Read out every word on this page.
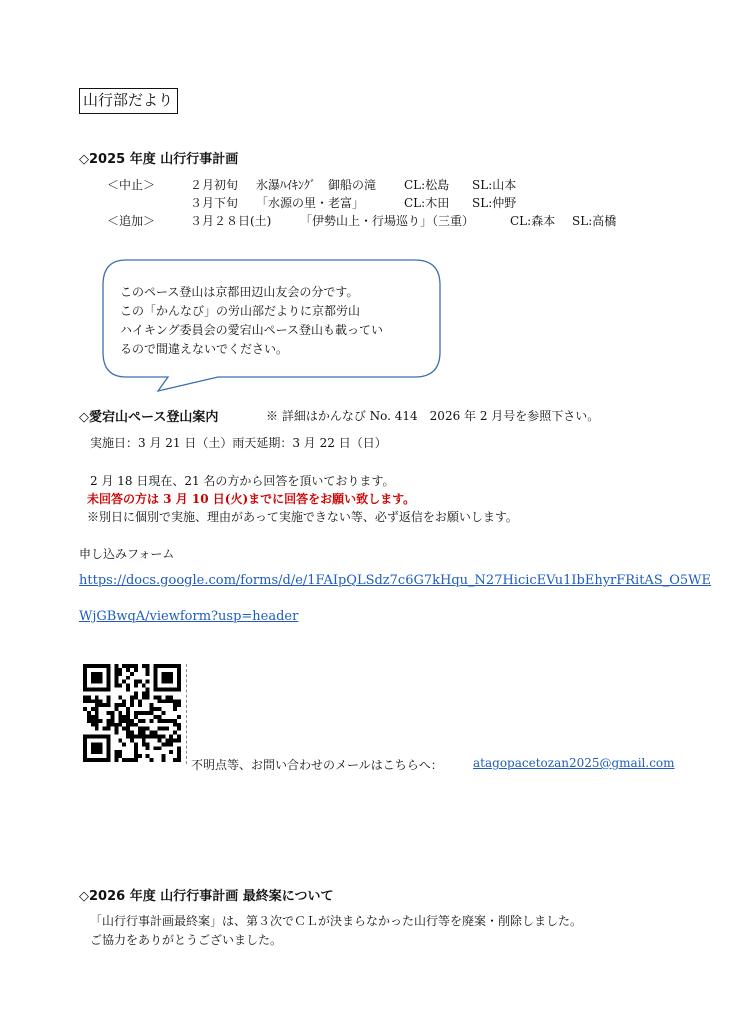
山行部だより
◇2025 年度 山行行事計画
＜中止＞	２月初旬 氷瀑ﾊｲｷﾝｸﾞ　御船の滝 CL:松島 SL:山本
３月下旬 「水源の里・老富」	CL:木田 SL:仲野
＜追加＞	３月２８日(土) 「伊勢山上・行場巡り」（三重）	CL:森本 SL:高橋
このペース登山は京都田辺山友会の分です。
この「かんなび」の労山部だよりに京都労山
ハイキング委員会の愛宕山ペース登山も載ってい
るので間違えないでください。
◇愛宕山ペース登山案内	※ 詳細はかんなび No. 414　2026 年 2 月号を参照下さい。
実施日：3 月 21 日（土）雨天延期：3 月 22 日（日）
2 月 18 日現在、21 名の方から回答を頂いております。
未回答の方は 3 月 10 日(火)までに回答をお願い致します。
※別日に個別で実施、理由があって実施できない等、必ず返信をお願いします。
申し込みフォーム
https://docs.google.com/forms/d/e/1FAIpQLSdz7c6G7kHqu_N27HicicEVu1IbEhyrFRitAS_O5WE
WjGBwqA/viewform?usp=header
不明点等、お問い合わせのメールはこちらへ：	atagopacetozan2025@gmail.com
◇2026 年度 山行行事計画 最終案について
「山行行事計画最終案」は、第３次でＣＬが決まらなかった山行等を廃案・削除しました。
ご協力をありがとうございました。
